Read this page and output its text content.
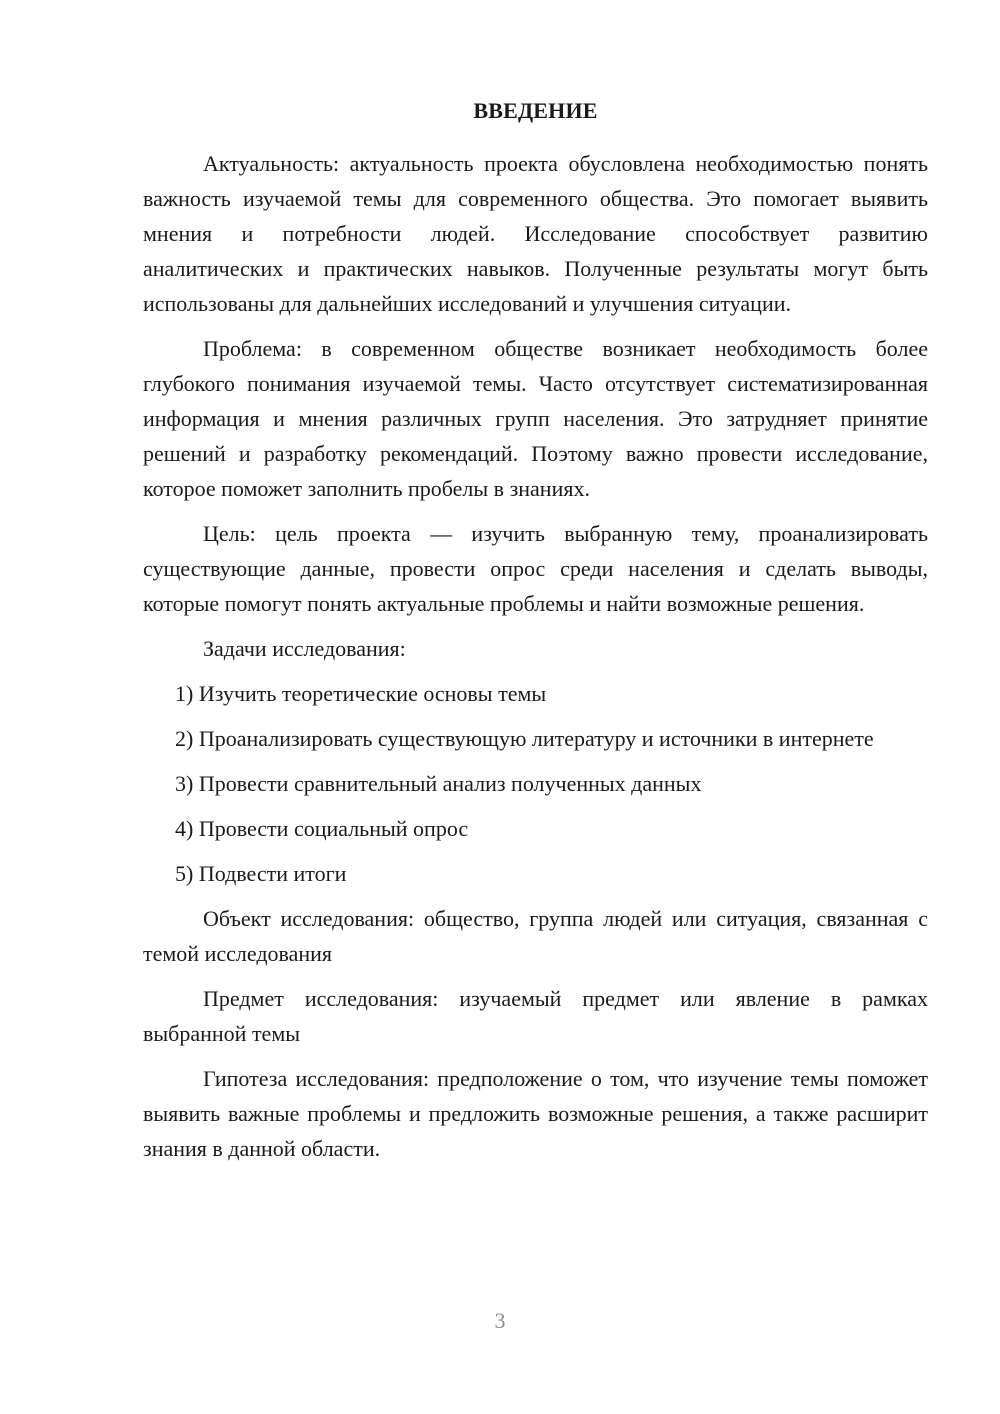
ВВЕДЕНИЕ

Актуальность: актуальность проекта обусловлена необходимостью понять важность изучаемой темы для современного общества. Это помогает выявить мнения и потребности людей. Исследование способствует развитию аналитических и практических навыков. Полученные результаты могут быть использованы для дальнейших исследований и улучшения ситуации.

Проблема: в современном обществе возникает необходимость более глубокого понимания изучаемой темы. Часто отсутствует систематизированная информация и мнения различных групп населения. Это затрудняет принятие решений и разработку рекомендаций. Поэтому важно провести исследование, которое поможет заполнить пробелы в знаниях.

Цель: цель проекта — изучить выбранную тему, проанализировать существующие данные, провести опрос среди населения и сделать выводы, которые помогут понять актуальные проблемы и найти возможные решения.

Задачи исследования:

1) Изучить теоретические основы темы

2) Проанализировать существующую литературу и источники в интернете

3) Провести сравнительный анализ полученных данных

4) Провести социальный опрос

5) Подвести итоги

Объект исследования: общество, группа людей или ситуация, связанная с темой исследования

Предмет исследования: изучаемый предмет или явление в рамках выбранной темы

Гипотеза исследования: предположение о том, что изучение темы поможет выявить важные проблемы и предложить возможные решения, а также расширит знания в данной области.

3
